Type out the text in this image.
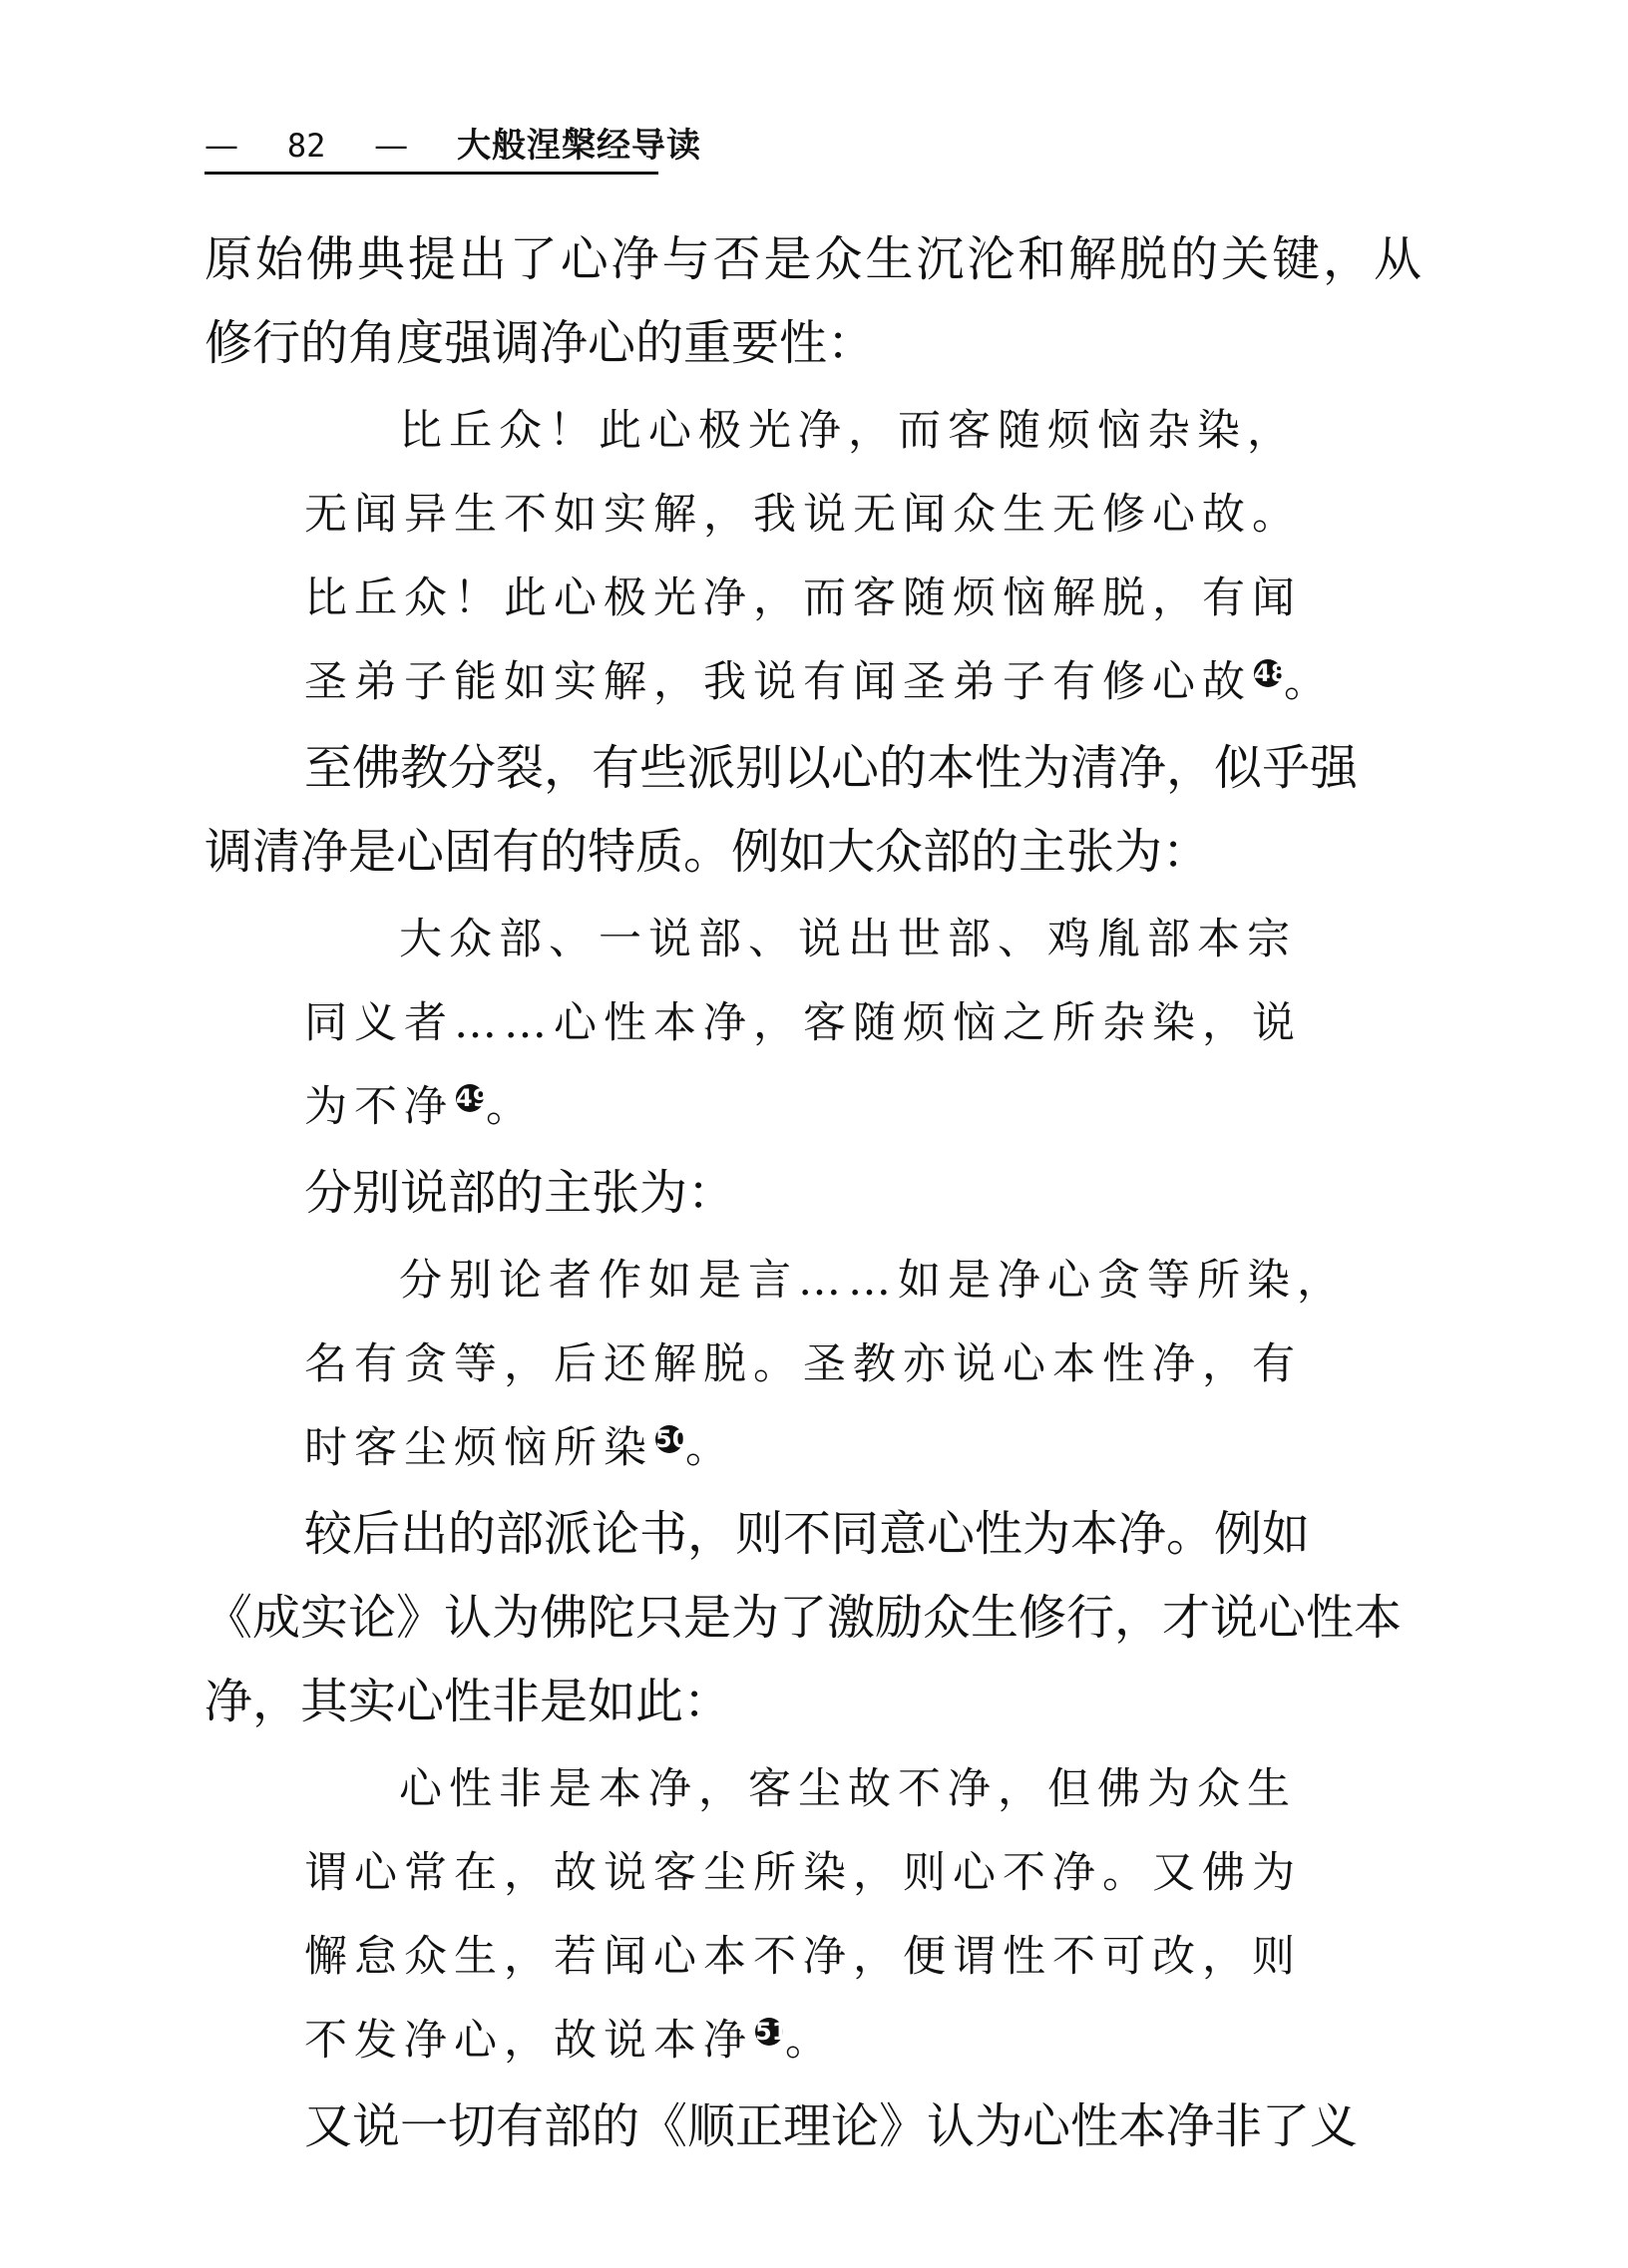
— 82 — 大般涅槃经导读
原始佛典提出了心净与否是众生沉沦和解脱的关键，从
修行的角度强调净心的重要性：
比丘众！此心极光净，而客随烦恼杂染，
无闻异生不如实解，我说无闻众生无修心故。
比丘众！此心极光净，而客随烦恼解脱，有闻
圣弟子能如实解，我说有闻圣弟子有修心故48。
至佛教分裂，有些派别以心的本性为清净，似乎强
调清净是心固有的特质。例如大众部的主张为：
大众部、一说部、说出世部、鸡胤部本宗
同义者……心性本净，客随烦恼之所杂染，说
为不净49。
分别说部的主张为：
分别论者作如是言……如是净心贪等所染，
名有贪等，后还解脱。圣教亦说心本性净，有
时客尘烦恼所染50。
较后出的部派论书，则不同意心性为本净。例如
《成实论》认为佛陀只是为了激励众生修行，才说心性本
净，其实心性非是如此：
心性非是本净，客尘故不净，但佛为众生
谓心常在，故说客尘所染，则心不净。又佛为
懈怠众生，若闻心本不净，便谓性不可改，则
不发净心，故说本净51。
又说一切有部的《顺正理论》认为心性本净非了义
